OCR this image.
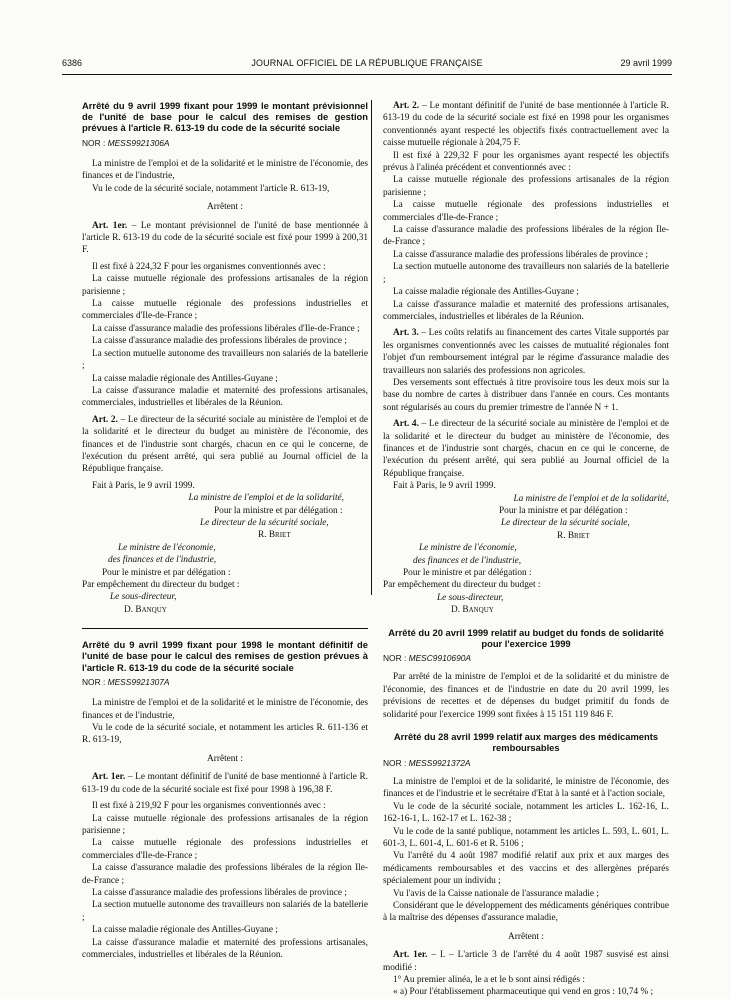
6386	JOURNAL OFFICIEL DE LA RÉPUBLIQUE FRANÇAISE	29 avril 1999

Arrêté du 9 avril 1999 fixant pour 1999 le montant prévisionnel de l'unité de base pour le calcul des remises de gestion prévues à l'article R. 613-19 du code de la sécurité sociale

NOR : MESS9921306A

La ministre de l'emploi et de la solidarité et le ministre de l'économie, des finances et de l'industrie,

Vu le code de la sécurité sociale, notamment l'article R. 613-19,

Arrêtent :

Art. 1er. – Le montant prévisionnel de l'unité de base mentionnée à l'article R. 613-19 du code de la sécurité sociale est fixé pour 1999 à 200,31 F.

Il est fixé à 224,32 F pour les organismes conventionnés avec :

La caisse mutuelle régionale des professions artisanales de la région parisienne ;

La caisse mutuelle régionale des professions industrielles et commerciales d'Ile-de-France ;

La caisse d'assurance maladie des professions libérales d'Ile-de-France ;

La caisse d'assurance maladie des professions libérales de province ;

La section mutuelle autonome des travailleurs non salariés de la batellerie ;

La caisse maladie régionale des Antilles-Guyane ;

La caisse d'assurance maladie et maternité des professions artisanales, commerciales, industrielles et libérales de la Réunion.

Art. 2. – Le directeur de la sécurité sociale au ministère de l'emploi et de la solidarité et le directeur du budget au ministère de l'économie, des finances et de l'industrie sont chargés, chacun en ce qui le concerne, de l'exécution du présent arrêté, qui sera publié au Journal officiel de la République française.

Fait à Paris, le 9 avril 1999.

La ministre de l'emploi et de la solidarité,

Pour la ministre et par délégation :

Le directeur de la sécurité sociale,

R. Briet

Le ministre de l'économie,

des finances et de l'industrie,

Pour le ministre et par délégation :

Par empêchement du directeur du budget :

Le sous-directeur,

D. Banquy

Arrêté du 9 avril 1999 fixant pour 1998 le montant définitif de l'unité de base pour le calcul des remises de gestion prévues à l'article R. 613-19 du code de la sécurité sociale

NOR : MESS9921307A

La ministre de l'emploi et de la solidarité et le ministre de l'économie, des finances et de l'industrie,

Vu le code de la sécurité sociale, et notamment les articles R. 611-136 et R. 613-19,

Arrêtent :

Art. 1er. – Le montant définitif de l'unité de base mentionné à l'article R. 613-19 du code de la sécurité sociale est fixé pour 1998 à 196,38 F.

Il est fixé à 219,92 F pour les organismes conventionnés avec :

La caisse mutuelle régionale des professions artisanales de la région parisienne ;

La caisse mutuelle régionale des professions industrielles et commerciales d'Ile-de-France ;

La caisse d'assurance maladie des professions libérales de la région Ile-de-France ;

La caisse d'assurance maladie des professions libérales de province ;

La section mutuelle autonome des travailleurs non salariés de la batellerie ;

La caisse maladie régionale des Antilles-Guyane ;

La caisse d'assurance maladie et maternité des professions artisanales, commerciales, industrielles et libérales de la Réunion.

Art. 2. – Le montant définitif de l'unité de base mentionnée à l'article R. 613-19 du code de la sécurité sociale est fixé en 1998 pour les organismes conventionnés ayant respecté les objectifs fixés contractuellement avec la caisse mutuelle régionale à 204,75 F.

Il est fixé à 229,32 F pour les organismes ayant respecté les objectifs prévus à l'alinéa précédent et conventionnés avec :

La caisse mutuelle régionale des professions artisanales de la région parisienne ;

La caisse mutuelle régionale des professions industrielles et commerciales d'Ile-de-France ;

La caisse d'assurance maladie des professions libérales de la région Ile-de-France ;

La caisse d'assurance maladie des professions libérales de province ;

La section mutuelle autonome des travailleurs non salariés de la batellerie ;

La caisse maladie régionale des Antilles-Guyane ;

La caisse d'assurance maladie et maternité des professions artisanales, commerciales, industrielles et libérales de la Réunion.

Art. 3. – Les coûts relatifs au financement des cartes Vitale supportés par les organismes conventionnés avec les caisses de mutualité régionales font l'objet d'un remboursement intégral par le régime d'assurance maladie des travailleurs non salariés des professions non agricoles.

Des versements sont effectués à titre provisoire tous les deux mois sur la base du nombre de cartes à distribuer dans l'année en cours. Ces montants sont régularisés au cours du premier trimestre de l'année N + 1.

Art. 4. – Le directeur de la sécurité sociale au ministère de l'emploi et de la solidarité et le directeur du budget au ministère de l'économie, des finances et de l'industrie sont chargés, chacun en ce qui le concerne, de l'exécution du présent arrêté, qui sera publié au Journal officiel de la République française.

Fait à Paris, le 9 avril 1999.

La ministre de l'emploi et de la solidarité,

Pour la ministre et par délégation :

Le directeur de la sécurité sociale,

R. Briet

Le ministre de l'économie,

des finances et de l'industrie,

Pour le ministre et par délégation :

Par empêchement du directeur du budget :

Le sous-directeur,

D. Banquy

Arrêté du 20 avril 1999 relatif au budget du fonds de solidarité pour l'exercice 1999

NOR : MESC9910690A

Par arrêté de la ministre de l'emploi et de la solidarité et du ministre de l'économie, des finances et de l'industrie en date du 20 avril 1999, les prévisions de recettes et de dépenses du budget primitif du fonds de solidarité pour l'exercice 1999 sont fixées à 15 151 119 846 F.

Arrêté du 28 avril 1999 relatif aux marges des médicaments remboursables

NOR : MESS9921372A

La ministre de l'emploi et de la solidarité, le ministre de l'économie, des finances et de l'industrie et le secrétaire d'Etat à la santé et à l'action sociale,

Vu le code de la sécurité sociale, notamment les articles L. 162-16, L. 162-16-1, L. 162-17 et L. 162-38 ;

Vu le code de la santé publique, notamment les articles L. 593, L. 601, L. 601-3, L. 601-4, L. 601-6 et R. 5106 ;

Vu l'arrêté du 4 août 1987 modifié relatif aux prix et aux marges des médicaments remboursables et des vaccins et des allergènes préparés spécialement pour un individu ;

Vu l'avis de la Caisse nationale de l'assurance maladie ;

Considérant que le développement des médicaments génériques contribue à la maîtrise des dépenses d'assurance maladie,

Arrêtent :

Art. 1er. – I. – L'article 3 de l'arrêté du 4 août 1987 susvisé est ainsi modifié :

1° Au premier alinéa, le a et le b sont ainsi rédigés :

« a) Pour l'établissement pharmaceutique qui vend en gros : 10,74 % ;
